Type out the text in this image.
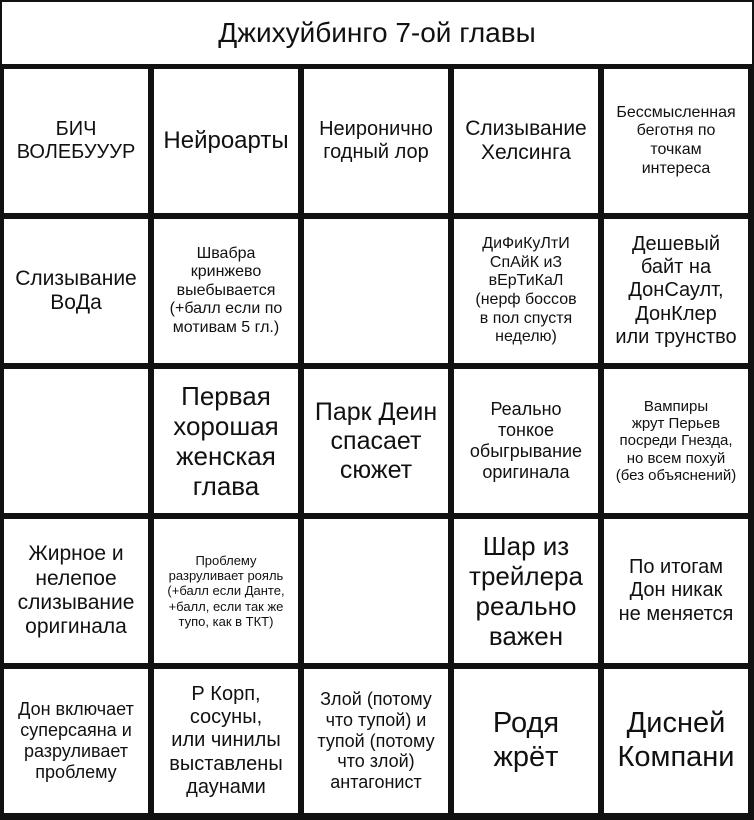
Джихуйбинго 7-ой главы
БИЧ
ВОЛЕБУУУР	Нейроарты	Неиронично
годный лор
Слизывание
Хелсинга
Бессмысленная
беготня по
точкам
интереса
Слизывание
ВоДа
Швабра
кринжево
выебывается
(+балл если по
мотивам 5 гл.)
ДиФиКуЛтИ
СпАйК иЗ
вЕрТиКаЛ
(нерф боссов
в пол спустя
неделю)
Дешевый
байт на
ДонСаулт,
ДонКлер
или трунство
Первая
хорошая
женская
глава
Парк Деин
спасает
сюжет
Реально
тонкое
обыгрывание
оригинала
Вампиры
жрут Перьев
посреди Гнезда,
но всем похуй
(без объяснений)
Жирное и
нелепое
слизывание
оригинала
Проблему
разруливает рояль
(+балл если Данте,
+балл, если так же
тупо, как в ТКТ)
Шар из
трейлера
реально
важен
По итогам
Дон никак
не меняется
Дон включает
суперсаяна и
разруливает
проблему
Р Корп,
сосуны,
или чинилы
выставлены
даунами
Злой (потому
что тупой) и
тупой (потому
что злой)
антагонист
Родя
жрёт
Дисней
Компани
